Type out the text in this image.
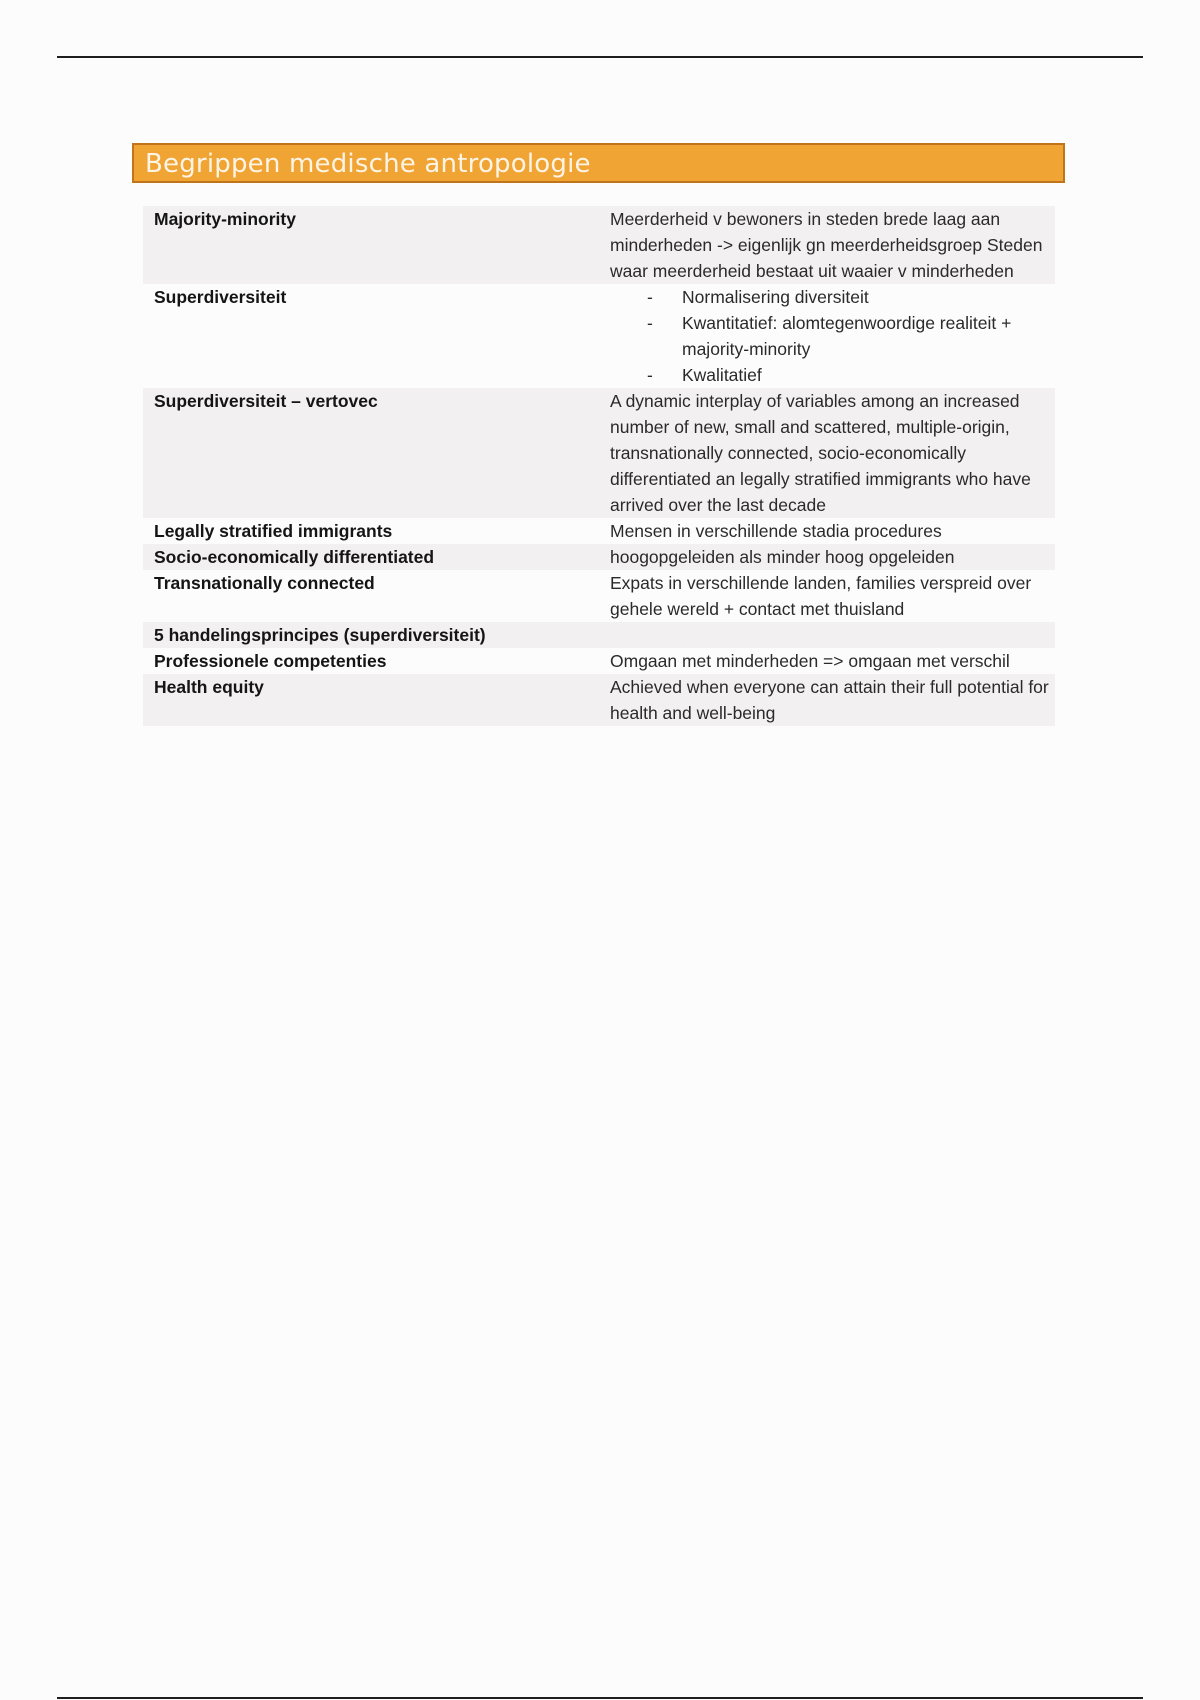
Begrippen medische antropologie
Majority-minority	Meerderheid v bewoners in steden brede laag aan minderheden -> eigenlijk gn meerderheidsgroep Steden waar meerderheid bestaat uit waaier v minderheden
Superdiversiteit	- Normalisering diversiteit
- Kwantitatief: alomtegenwoordige realiteit + majority-minority
- Kwalitatief
Superdiversiteit – vertovec	A dynamic interplay of variables among an increased number of new, small and scattered, multiple-origin, transnationally connected, socio-economically differentiated an legally stratified immigrants who have arrived over the last decade
Legally stratified immigrants	Mensen in verschillende stadia procedures
Socio-economically differentiated	hoogopgeleiden als minder hoog opgeleiden
Transnationally connected	Expats in verschillende landen, families verspreid over gehele wereld + contact met thuisland
5 handelingsprincipes (superdiversiteit)
Professionele competenties	Omgaan met minderheden => omgaan met verschil
Health equity	Achieved when everyone can attain their full potential for health and well-being
